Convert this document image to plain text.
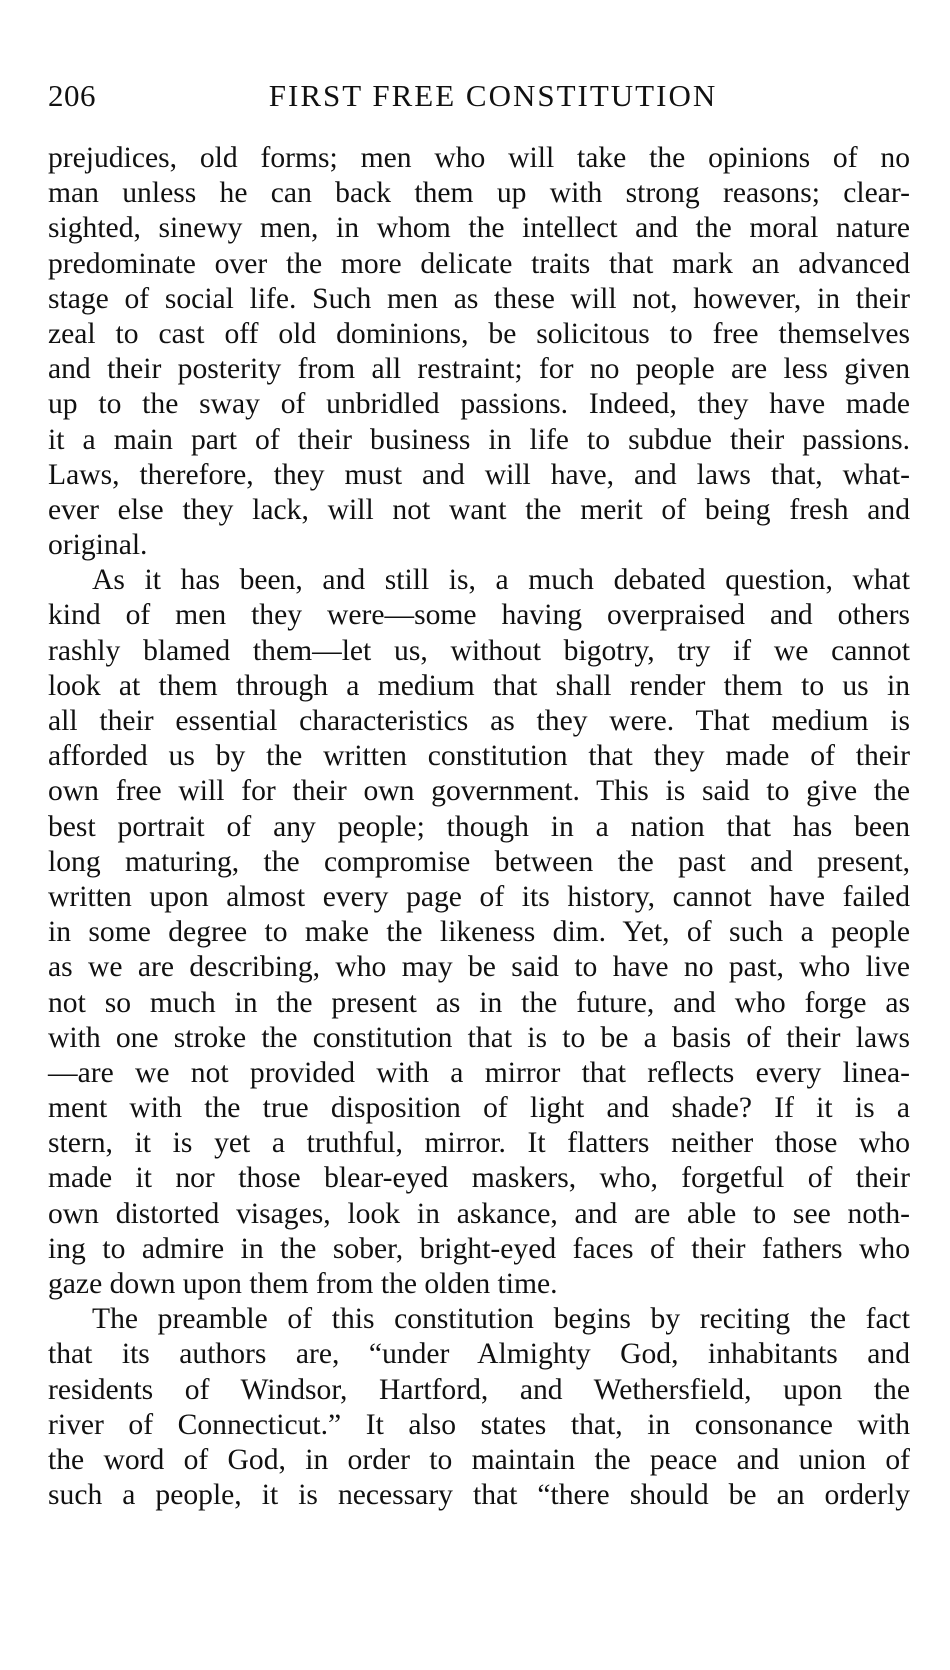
206	FIRST FREE CONSTITUTION
prejudices, old forms; men who will take the opinions of no
man unless he can back them up with strong reasons; clear-
sighted, sinewy men, in whom the intellect and the moral nature
predominate over the more delicate traits that mark an advanced
stage of social life. Such men as these will not, however, in their
zeal to cast off old dominions, be solicitous to free themselves
and their posterity from all restraint; for no people are less given
up to the sway of unbridled passions. Indeed, they have made
it a main part of their business in life to subdue their passions.
Laws, therefore, they must and will have, and laws that, what-
ever else they lack, will not want the merit of being fresh and
original.
As it has been, and still is, a much debated question, what
kind of men they were—some having overpraised and others
rashly blamed them—let us, without bigotry, try if we cannot
look at them through a medium that shall render them to us in
all their essential characteristics as they were. That medium is
afforded us by the written constitution that they made of their
own free will for their own government. This is said to give the
best portrait of any people; though in a nation that has been
long maturing, the compromise between the past and present,
written upon almost every page of its history, cannot have failed
in some degree to make the likeness dim. Yet, of such a people
as we are describing, who may be said to have no past, who live
not so much in the present as in the future, and who forge as
with one stroke the constitution that is to be a basis of their laws
—are we not provided with a mirror that reflects every linea-
ment with the true disposition of light and shade? If it is a
stern, it is yet a truthful, mirror. It flatters neither those who
made it nor those blear-eyed maskers, who, forgetful of their
own distorted visages, look in askance, and are able to see noth-
ing to admire in the sober, bright-eyed faces of their fathers who
gaze down upon them from the olden time.
The preamble of this constitution begins by reciting the fact
that its authors are, “under Almighty God, inhabitants and
residents of Windsor, Hartford, and Wethersfield, upon the
river of Connecticut.” It also states that, in consonance with
the word of God, in order to maintain the peace and union of
such a people, it is necessary that “there should be an orderly
